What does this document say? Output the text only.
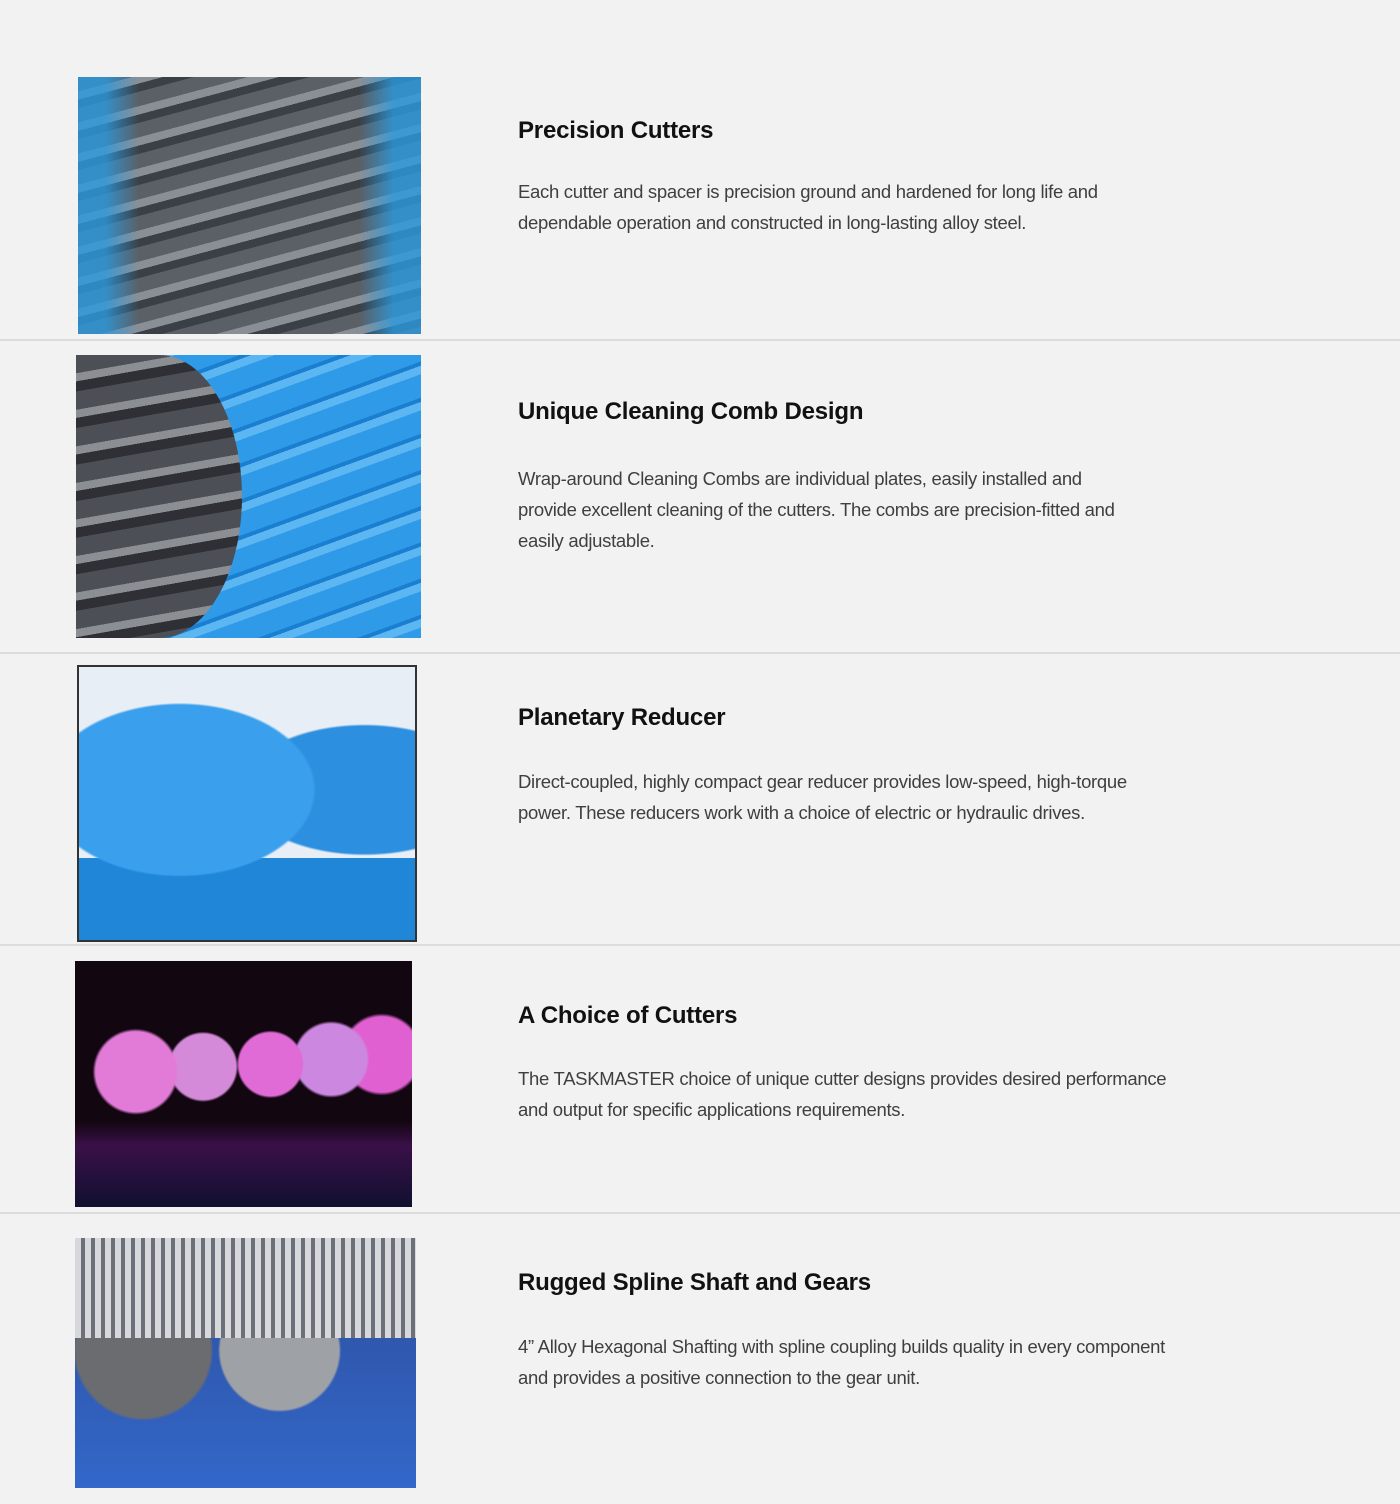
Precision Cutters
Each cutter and spacer is precision ground and hardened for long life and
dependable operation and constructed in long-lasting alloy steel.
Unique Cleaning Comb Design
Wrap-around Cleaning Combs are individual plates, easily installed and
provide excellent cleaning of the cutters. The combs are precision-fitted and
easily adjustable.
Planetary Reducer
Direct-coupled, highly compact gear reducer provides low-speed, high-torque
power. These reducers work with a choice of electric or hydraulic drives.
A Choice of Cutters
The TASKMASTER choice of unique cutter designs provides desired performance
and output for specific applications requirements.
Rugged Spline Shaft and Gears
4” Alloy Hexagonal Shafting with spline coupling builds quality in every component
and provides a positive connection to the gear unit.
